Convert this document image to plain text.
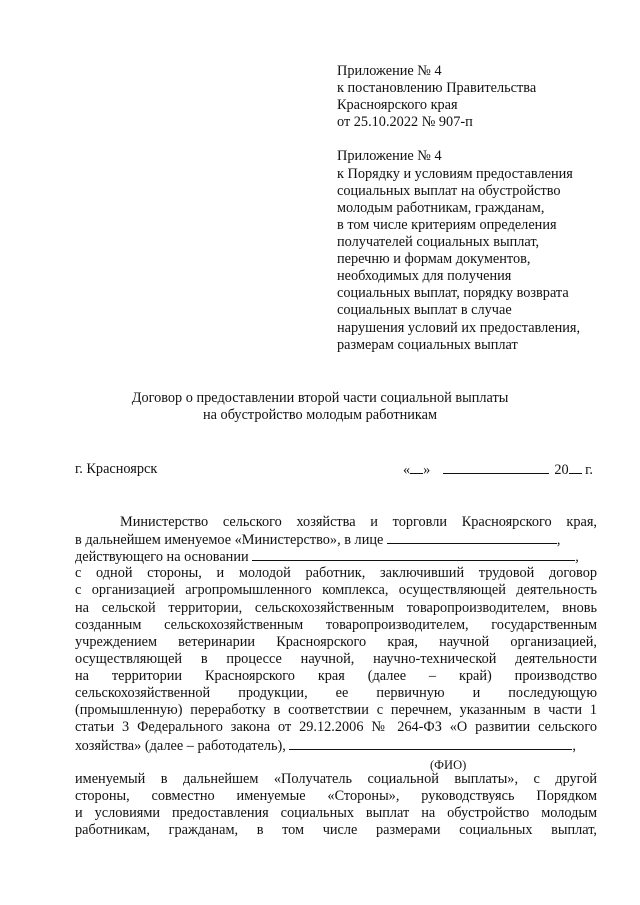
Приложение № 4
к постановлению Правительства
Красноярского края
от 25.10.2022 № 907-п
Приложение № 4
к Порядку и условиям предоставления
социальных выплат на обустройство
молодым работникам, гражданам,
в том числе критериям определения
получателей социальных выплат,
перечню и формам документов,
необходимых для получения
социальных выплат, порядку возврата
социальных выплат в случае
нарушения условий их предоставления,
размерам социальных выплат
Договор о предоставлении второй части социальной выплаты
на обустройство молодым работникам
г. Красноярск	« »	20 г.
Министерство сельского хозяйства и торговли Красноярского края,
в дальнейшем именуемое «Министерство», в лице	,
действующего на основании	,
с одной стороны, и молодой работник, заключивший трудовой договор
с организацией агропромышленного комплекса, осуществляющей деятельность
на сельской территории, сельскохозяйственным товаропроизводителем, вновь
созданным сельскохозяйственным товаропроизводителем, государственным
учреждением ветеринарии Красноярского края, научной организацией,
осуществляющей в процессе научной, научно-технической деятельности
на территории Красноярского края (далее – край) производство
сельскохозяйственной продукции, ее первичную и последующую
(промышленную) переработку в соответствии с перечнем, указанным в части 1
статьи 3 Федерального закона от 29.12.2006 № 264-ФЗ «О развитии сельского
хозяйства» (далее – работодатель),	,
(ФИО)
именуемый в дальнейшем «Получатель социальной выплаты», с другой
стороны, совместно именуемые «Стороны», руководствуясь Порядком
и условиями предоставления социальных выплат на обустройство молодым
работникам, гражданам, в том числе размерами социальных выплат,
